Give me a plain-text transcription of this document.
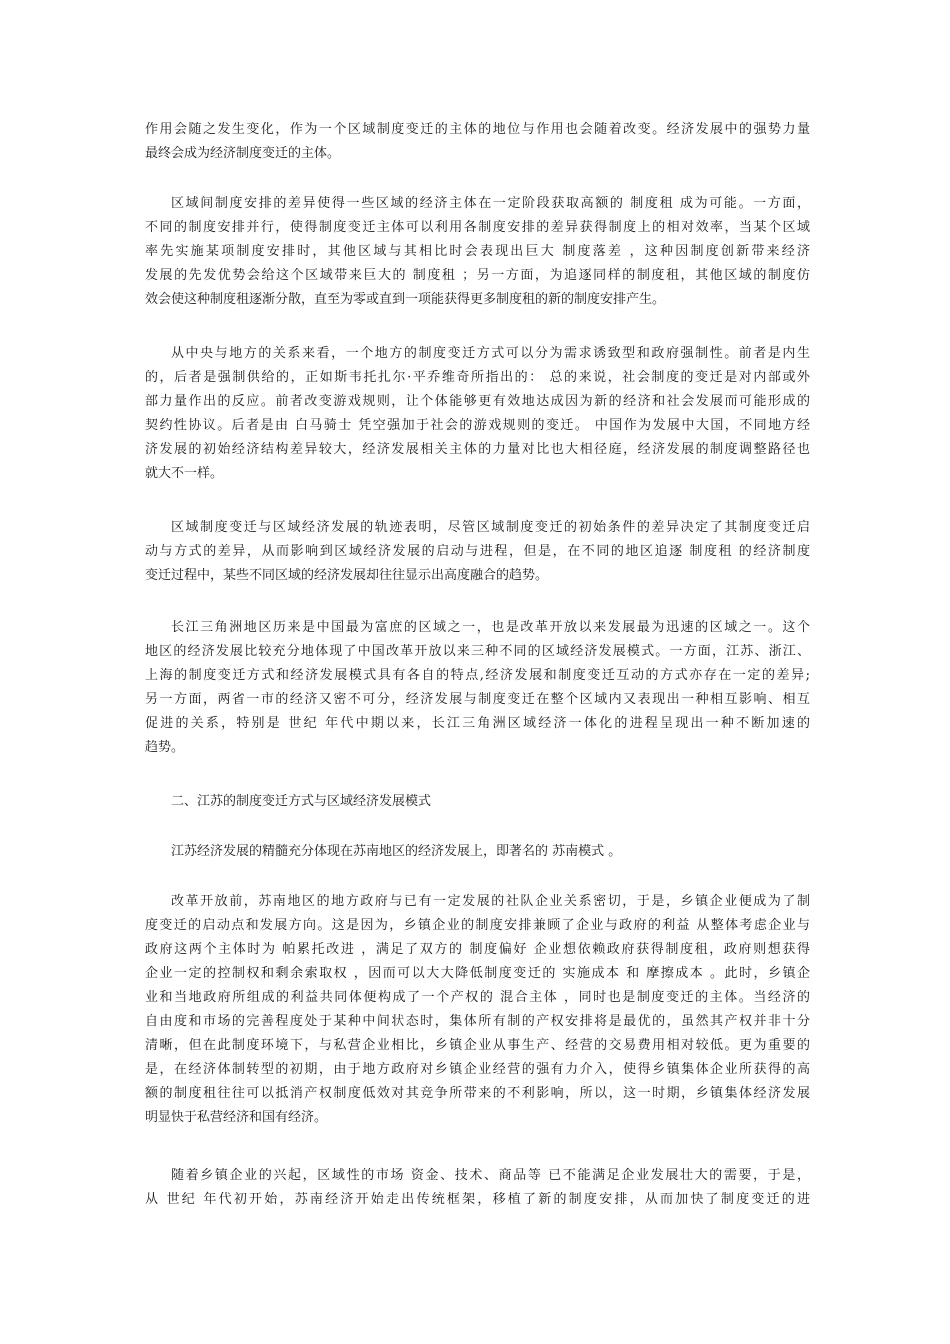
作用会随之发生变化，作为一个区域制度变迁的主体的地位与作用也会随着改变。经济发展中的强势力量
最终会成为经济制度变迁的主体。
区域间制度安排的差异使得一些区域的经济主体在一定阶段获取高额的 制度租 成为可能。一方面，
不同的制度安排并行，使得制度变迁主体可以利用各制度安排的差异获得制度上的相对效率，当某个区域
率先实施某项制度安排时，其他区域与其相比时会表现出巨大 制度落差 ，这种因制度创新带来经济
发展的先发优势会给这个区域带来巨大的 制度租 ；另一方面，为追逐同样的制度租，其他区域的制度仿
效会使这种制度租逐渐分散，直至为零或直到一项能获得更多制度租的新的制度安排产生。
从中央与地方的关系来看，一个地方的制度变迁方式可以分为需求诱致型和政府强制性。前者是内生
的，后者是强制供给的，正如斯韦托扎尔·平乔维奇所指出的： 总的来说，社会制度的变迁是对内部或外
部力量作出的反应。前者改变游戏规则，让个体能够更有效地达成因为新的经济和社会发展而可能形成的
契约性协议。后者是由 白马骑士 凭空强加于社会的游戏规则的变迁。 中国作为发展中大国，不同地方经
济发展的初始经济结构差异较大，经济发展相关主体的力量对比也大相径庭，经济发展的制度调整路径也
就大不一样。
区域制度变迁与区域经济发展的轨迹表明，尽管区域制度变迁的初始条件的差异决定了其制度变迁启
动与方式的差异，从而影响到区域经济发展的启动与进程，但是，在不同的地区追逐 制度租 的经济制度
变迁过程中，某些不同区域的经济发展却往往显示出高度融合的趋势。
长江三角洲地区历来是中国最为富庶的区域之一，也是改革开放以来发展最为迅速的区域之一。这个
地区的经济发展比较充分地体现了中国改革开放以来三种不同的区域经济发展模式。一方面，江苏、浙江、
上海的制度变迁方式和经济发展模式具有各自的特点,经济发展和制度变迁互动的方式亦存在一定的差异;
另一方面，两省一市的经济又密不可分，经济发展与制度变迁在整个区域内又表现出一种相互影响、相互
促进的关系，特别是 世纪 年代中期以来，长江三角洲区域经济一体化的进程呈现出一种不断加速的
趋势。
二、江苏的制度变迁方式与区域经济发展模式
江苏经济发展的精髓充分体现在苏南地区的经济发展上，即著名的 苏南模式 。
改革开放前，苏南地区的地方政府与已有一定发展的社队企业关系密切，于是，乡镇企业便成为了制
度变迁的启动点和发展方向。这是因为，乡镇企业的制度安排兼顾了企业与政府的利益 从整体考虑企业与
政府这两个主体时为 帕累托改进 ，满足了双方的 制度偏好 企业想依赖政府获得制度租，政府则想获得
企业一定的控制权和剩余索取权 ，因而可以大大降低制度变迁的 实施成本 和 摩擦成本 。此时，乡镇企
业和当地政府所组成的利益共同体便构成了一个产权的 混合主体 ，同时也是制度变迁的主体。当经济的
自由度和市场的完善程度处于某种中间状态时，集体所有制的产权安排将是最优的，虽然其产权并非十分
清晰，但在此制度环境下，与私营企业相比，乡镇企业从事生产、经营的交易费用相对较低。更为重要的
是，在经济体制转型的初期，由于地方政府对乡镇企业经营的强有力介入，使得乡镇集体企业所获得的高
额的制度租往往可以抵消产权制度低效对其竞争所带来的不利影响，所以，这一时期，乡镇集体经济发展
明显快于私营经济和国有经济。
随着乡镇企业的兴起，区域性的市场 资金、技术、商品等 已不能满足企业发展壮大的需要，于是，
从 世纪 年代初开始，苏南经济开始走出传统框架，移植了新的制度安排，从而加快了制度变迁的进
